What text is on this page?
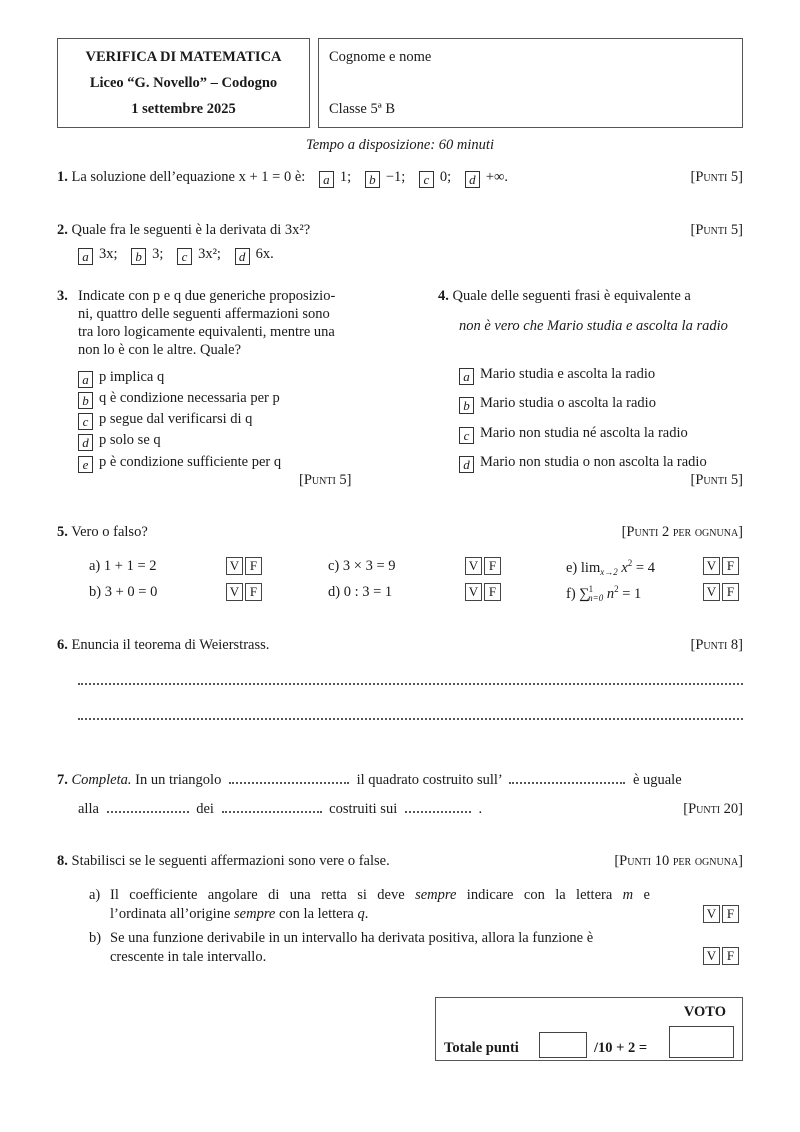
VERIFICA DI MATEMATICA
Liceo “G. Novello” – Codogno
1 settembre 2025
Cognome e nome
Classe 5ª B
Tempo a disposizione: 60 minuti
1. La soluzione dell’equazione x + 1 = 0 è: a 1; b −1; c 0; d +∞.	[Punti 5]
2. Quale fra le seguenti è la derivata di 3x²?	[Punti 5]
a 3x; b 3; c 3x²; d 6x.
3. Indicate con p e q due generiche proposizio-
ni, quattro delle seguenti affermazioni sono
tra loro logicamente equivalenti, mentre una
non lo è con le altre. Quale?
a p implica q
b q è condizione necessaria per p
c p segue dal verificarsi di q
d p solo se q
e p è condizione sufficiente per q
[Punti 5]
4. Quale delle seguenti frasi è equivalente a
non è vero che Mario studia e ascolta la radio
a Mario studia e ascolta la radio
b Mario studia o ascolta la radio
c Mario non studia né ascolta la radio
d Mario non studia o non ascolta la radio
[Punti 5]
5. Vero o falso?	[Punti 2 per ognuna]
a) 1 + 1 = 2	V F
b) 3 + 0 = 0	V F
c) 3 × 3 = 9	V F
d) 0 : 3 = 1	V F
e) $\lim_{x\to 2} x^2 = 4$	V F
f) ∑$^1_{n=0}$ $n^2 = 1$	V F
6. Enuncia il teorema di Weierstrass.	[Punti 8]
7. Completa. In un triangolo	il quadrato costruito sull’	è uguale
alla	dei	costruiti sui	.	[Punti 20]
8. Stabilisci se le seguenti affermazioni sono vere o false.	[Punti 10 per ognuna]
a) Il coefficiente angolare di una retta si deve sempre indicare con la lettera m e
l’ordinata all’origine sempre con la lettera q.	V F
b) Se una funzione derivabile in un intervallo ha derivata positiva, allora la funzione è
crescente in tale intervallo.	V F
VOTO
Totale punti	/10 + 2 =
